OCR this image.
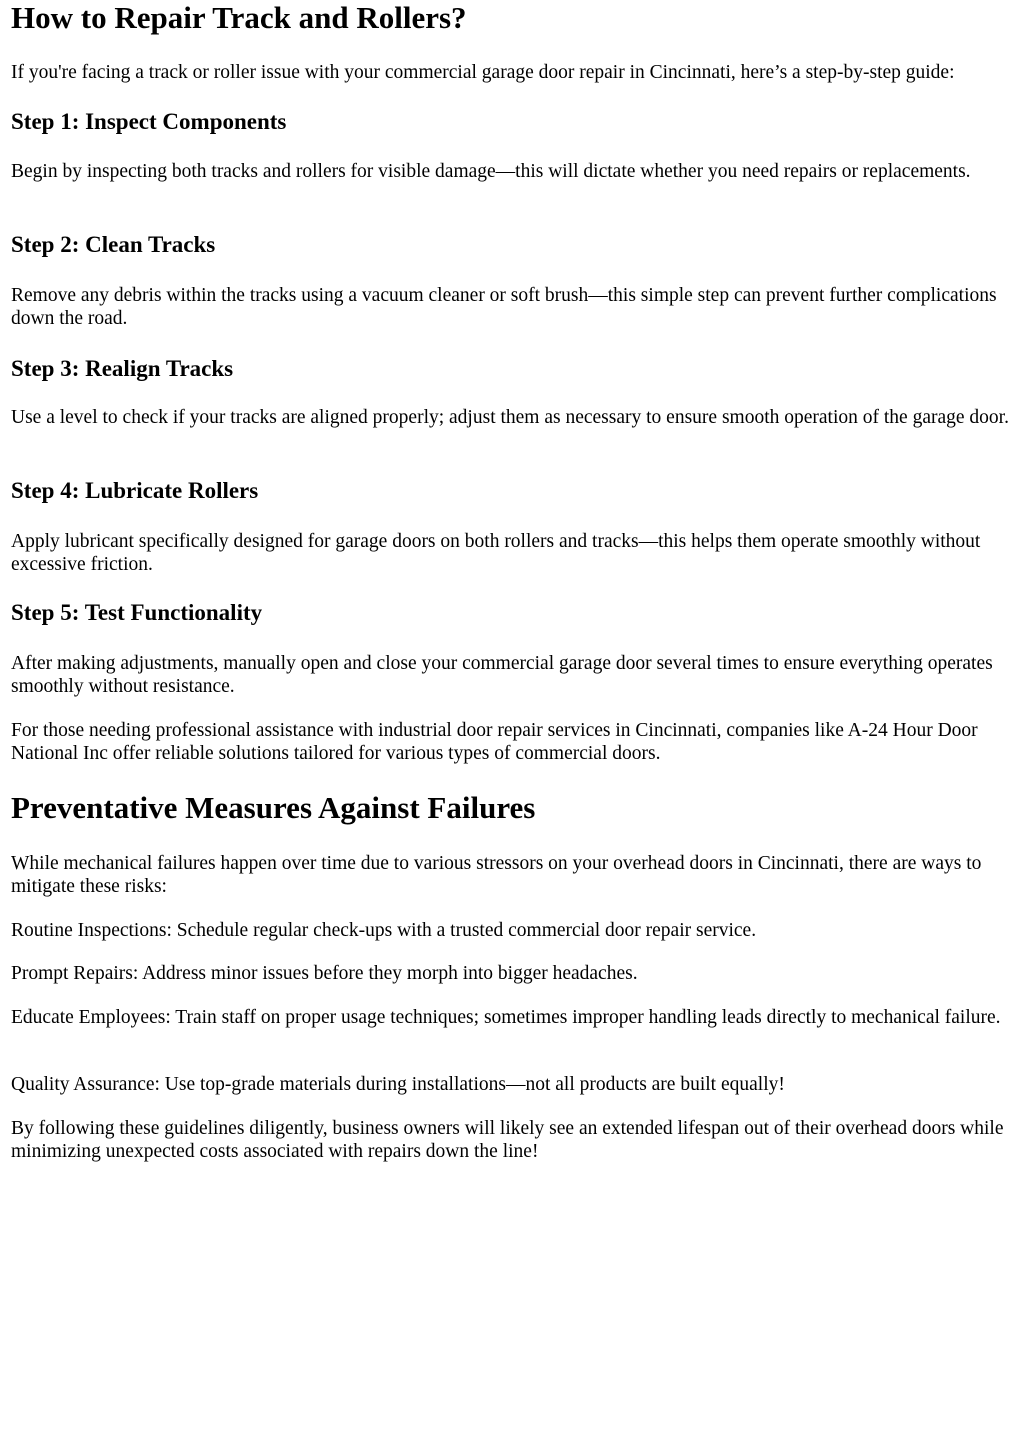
How to Repair Track and Rollers?

If you're facing a track or roller issue with your commercial garage door repair in Cincinnati, here’s a step-by-step guide:

Step 1: Inspect Components

Begin by inspecting both tracks and rollers for visible damage—this will dictate whether you need repairs or replacements.

Step 2: Clean Tracks

Remove any debris within the tracks using a vacuum cleaner or soft brush—this simple step can prevent further complications down the road.

Step 3: Realign Tracks

Use a level to check if your tracks are aligned properly; adjust them as necessary to ensure smooth operation of the garage door.

Step 4: Lubricate Rollers

Apply lubricant specifically designed for garage doors on both rollers and tracks—this helps them operate smoothly without excessive friction.

Step 5: Test Functionality

After making adjustments, manually open and close your commercial garage door several times to ensure everything operates smoothly without resistance.

For those needing professional assistance with industrial door repair services in Cincinnati, companies like A-24 Hour Door National Inc offer reliable solutions tailored for various types of commercial doors.

Preventative Measures Against Failures

While mechanical failures happen over time due to various stressors on your overhead doors in Cincinnati, there are ways to mitigate these risks:

Routine Inspections: Schedule regular check-ups with a trusted commercial door repair service.

Prompt Repairs: Address minor issues before they morph into bigger headaches.

Educate Employees: Train staff on proper usage techniques; sometimes improper handling leads directly to mechanical failure.

Quality Assurance: Use top-grade materials during installations—not all products are built equally!

By following these guidelines diligently, business owners will likely see an extended lifespan out of their overhead doors while minimizing unexpected costs associated with repairs down the line!
